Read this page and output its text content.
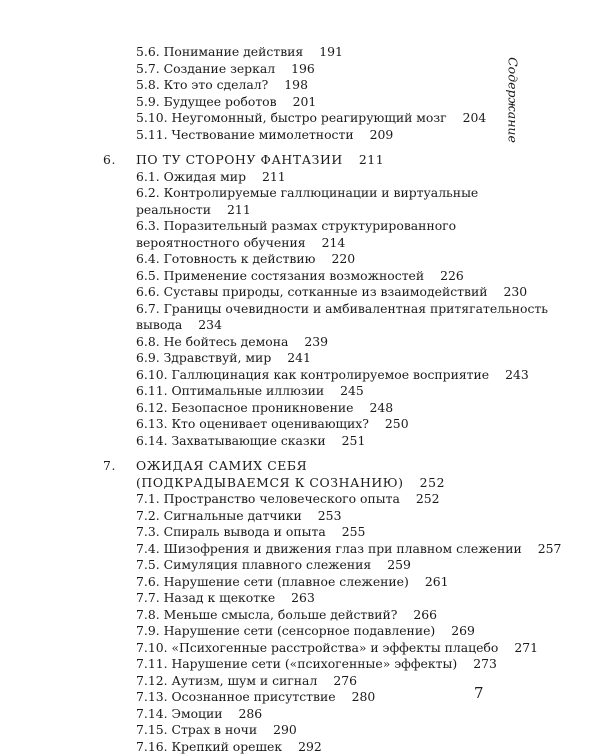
Содержание
5.6. Понимание действия 191
5.7. Создание зеркал 196
5.8. Кто это сделал? 198
5.9. Будущее роботов 201
5.10. Неугомонный, быстро реагирующий мозг 204
5.11. Чествование мимолетности 209
6. ПО ТУ СТОРОНУ ФАНТАЗИИ 211
6.1. Ожидая мир 211
6.2. Контролируемые галлюцинации и виртуальные
реальности 211
6.3. Поразительный размах структурированного
вероятностного обучения 214
6.4. Готовность к действию 220
6.5. Применение состязания возможностей 226
6.6. Суставы природы, сотканные из взаимодействий 230
6.7. Границы очевидности и амбивалентная притягательность
вывода 234
6.8. Не бойтесь демона 239
6.9. Здравствуй, мир 241
6.10. Галлюцинация как контролируемое восприятие 243
6.11. Оптимальные иллюзии 245
6.12. Безопасное проникновение 248
6.13. Кто оценивает оценивающих? 250
6.14. Захватывающие сказки 251
7. ОЖИДАЯ САМИХ СЕБЯ
(ПОДКРАДЫВАЕМСЯ К СОЗНАНИЮ) 252
7.1. Пространство человеческого опыта 252
7.2. Сигнальные датчики 253
7.3. Спираль вывода и опыта 255
7.4. Шизофрения и движения глаз при плавном слежении 257
7.5. Симуляция плавного слежения 259
7.6. Нарушение сети (плавное слежение) 261
7.7. Назад к щекотке 263
7.8. Меньше смысла, больше действий? 266
7.9. Нарушение сети (сенсорное подавление) 269
7.10. «Психогенные расстройства» и эффекты плацебо 271
7.11. Нарушение сети («психогенные» эффекты) 273
7.12. Аутизм, шум и сигнал 276
7.13. Осознанное присутствие 280
7.14. Эмоции 286
7.15. Страх в ночи 290
7.16. Крепкий орешек 292
7
